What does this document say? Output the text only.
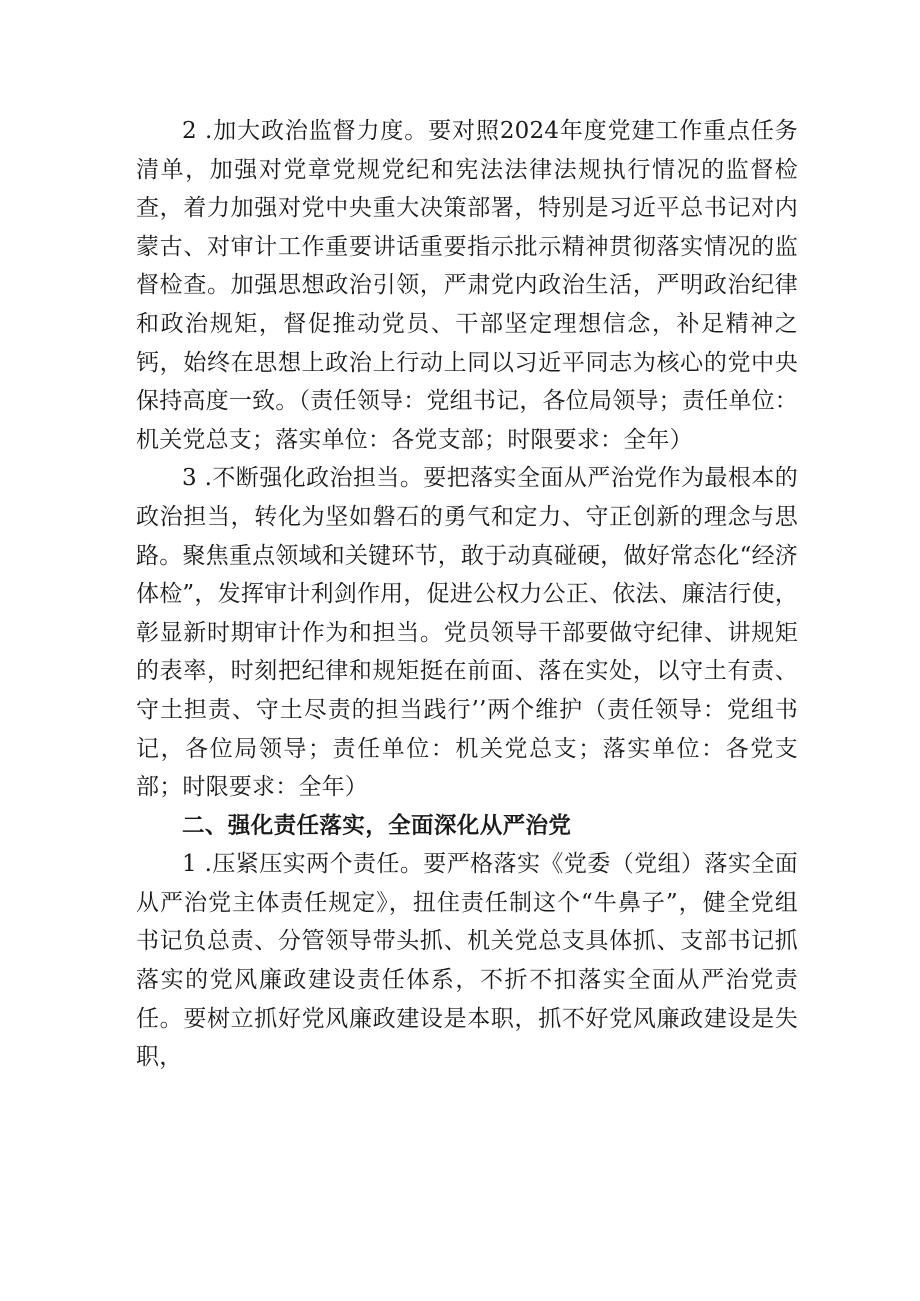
2 .加大政治监督力度。要对照2024年度党建工作重点任务清单，加强对党章党规党纪和宪法法律法规执行情况的监督检查，着力加强对党中央重大决策部署，特别是习近平总书记对内蒙古、对审计工作重要讲话重要指示批示精神贯彻落实情况的监督检查。加强思想政治引领，严肃党内政治生活，严明政治纪律和政治规矩，督促推动党员、干部坚定理想信念，补足精神之钙，始终在思想上政治上行动上同以习近平同志为核心的党中央保持高度一致。（责任领导：党组书记，各位局领导；责任单位：机关党总支；落实单位：各党支部；时限要求：全年）

3 .不断强化政治担当。要把落实全面从严治党作为最根本的政治担当，转化为坚如磐石的勇气和定力、守正创新的理念与思路。聚焦重点领域和关键环节，敢于动真碰硬，做好常态化“经济体检”，发挥审计利剑作用，促进公权力公正、依法、廉洁行使，彰显新时期审计作为和担当。党员领导干部要做守纪律、讲规矩的表率，时刻把纪律和规矩挺在前面、落在实处，以守土有责、守土担责、守土尽责的担当践行’’两个维护（责任领导：党组书记，各位局领导；责任单位：机关党总支；落实单位：各党支部；时限要求：全年）

二、强化责任落实，全面深化从严治党

1 .压紧压实两个责任。要严格落实《党委（党组）落实全面从严治党主体责任规定》，扭住责任制这个“牛鼻子”，健全党组书记负总责、分管领导带头抓、机关党总支具体抓、支部书记抓落实的党风廉政建设责任体系，不折不扣落实全面从严治党责任。要树立抓好党风廉政建设是本职，抓不好党风廉政建设是失职，
